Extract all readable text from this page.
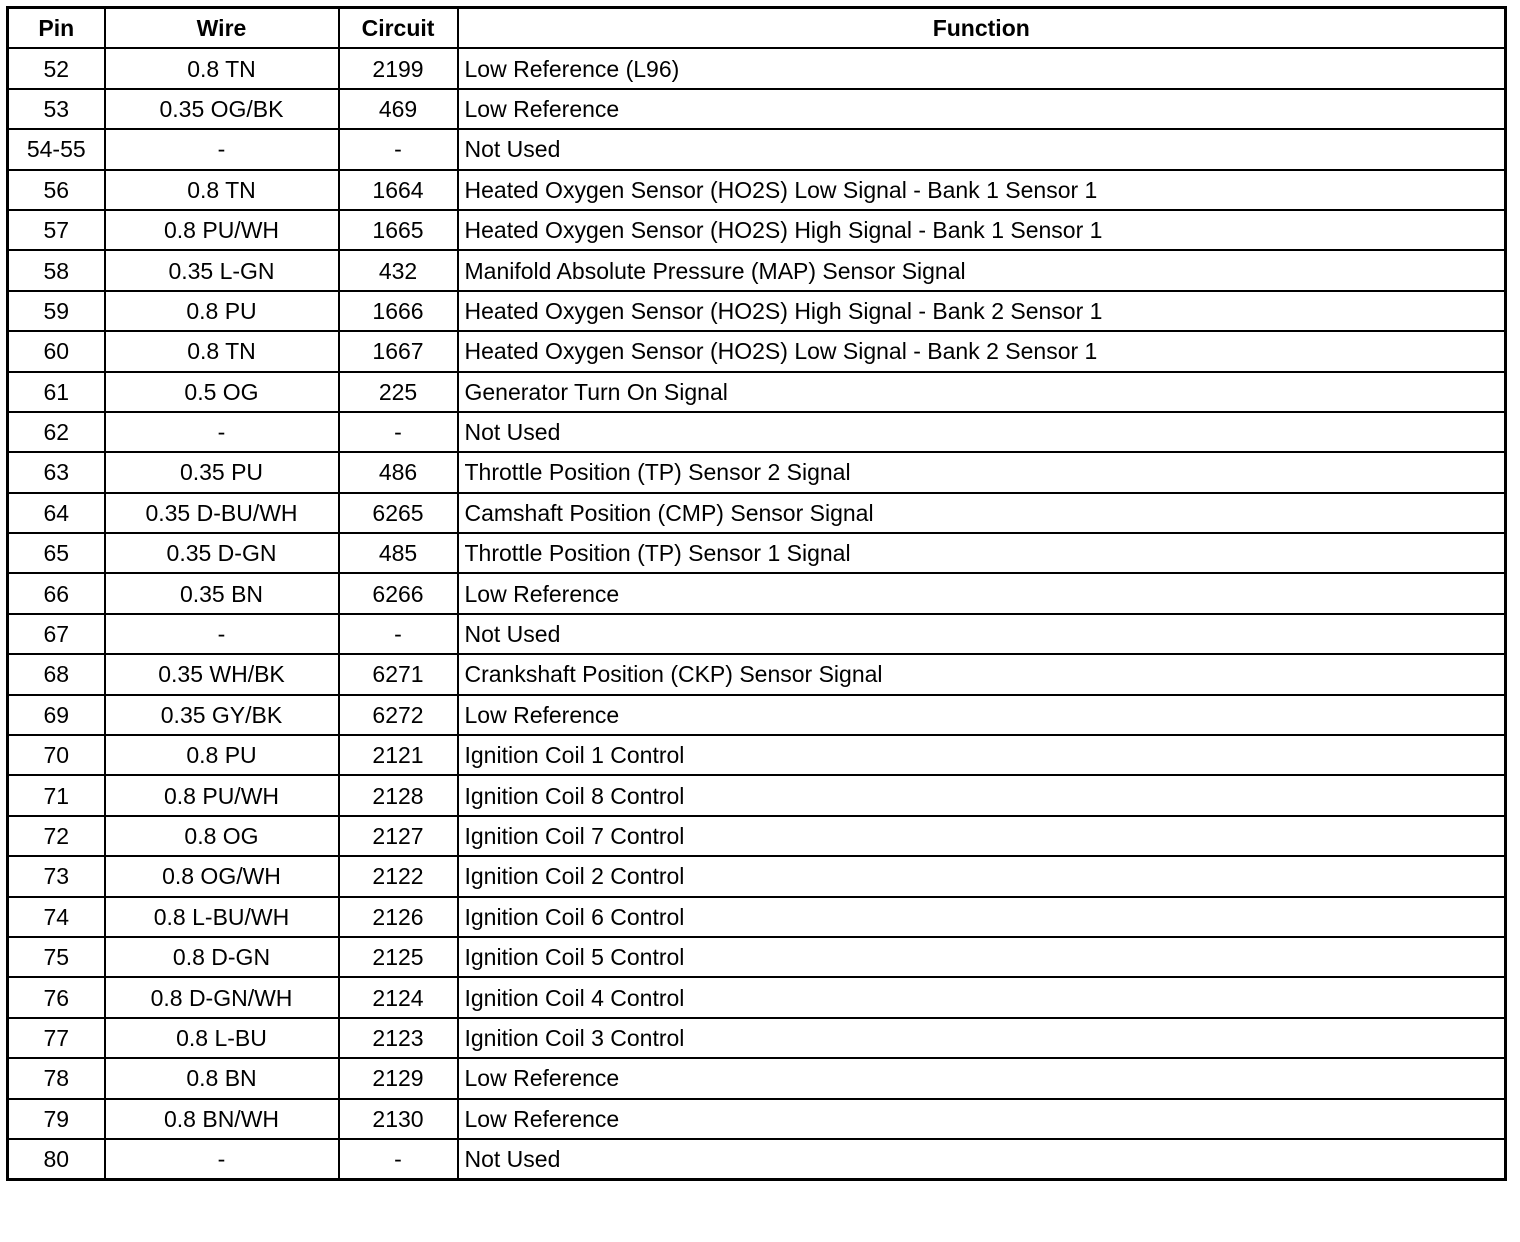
Pin	Wire	Circuit	Function
52	0.8 TN	2199	Low Reference (L96)
53	0.35 OG/BK	469	Low Reference
54-55	-	-	Not Used
56	0.8 TN	1664	Heated Oxygen Sensor (HO2S) Low Signal - Bank 1 Sensor 1
57	0.8 PU/WH	1665	Heated Oxygen Sensor (HO2S) High Signal - Bank 1 Sensor 1
58	0.35 L-GN	432	Manifold Absolute Pressure (MAP) Sensor Signal
59	0.8 PU	1666	Heated Oxygen Sensor (HO2S) High Signal - Bank 2 Sensor 1
60	0.8 TN	1667	Heated Oxygen Sensor (HO2S) Low Signal - Bank 2 Sensor 1
61	0.5 OG	225	Generator Turn On Signal
62	-	-	Not Used
63	0.35 PU	486	Throttle Position (TP) Sensor 2 Signal
64	0.35 D-BU/WH	6265	Camshaft Position (CMP) Sensor Signal
65	0.35 D-GN	485	Throttle Position (TP) Sensor 1 Signal
66	0.35 BN	6266	Low Reference
67	-	-	Not Used
68	0.35 WH/BK	6271	Crankshaft Position (CKP) Sensor Signal
69	0.35 GY/BK	6272	Low Reference
70	0.8 PU	2121	Ignition Coil 1 Control
71	0.8 PU/WH	2128	Ignition Coil 8 Control
72	0.8 OG	2127	Ignition Coil 7 Control
73	0.8 OG/WH	2122	Ignition Coil 2 Control
74	0.8 L-BU/WH	2126	Ignition Coil 6 Control
75	0.8 D-GN	2125	Ignition Coil 5 Control
76	0.8 D-GN/WH	2124	Ignition Coil 4 Control
77	0.8 L-BU	2123	Ignition Coil 3 Control
78	0.8 BN	2129	Low Reference
79	0.8 BN/WH	2130	Low Reference
80	-	-	Not Used
